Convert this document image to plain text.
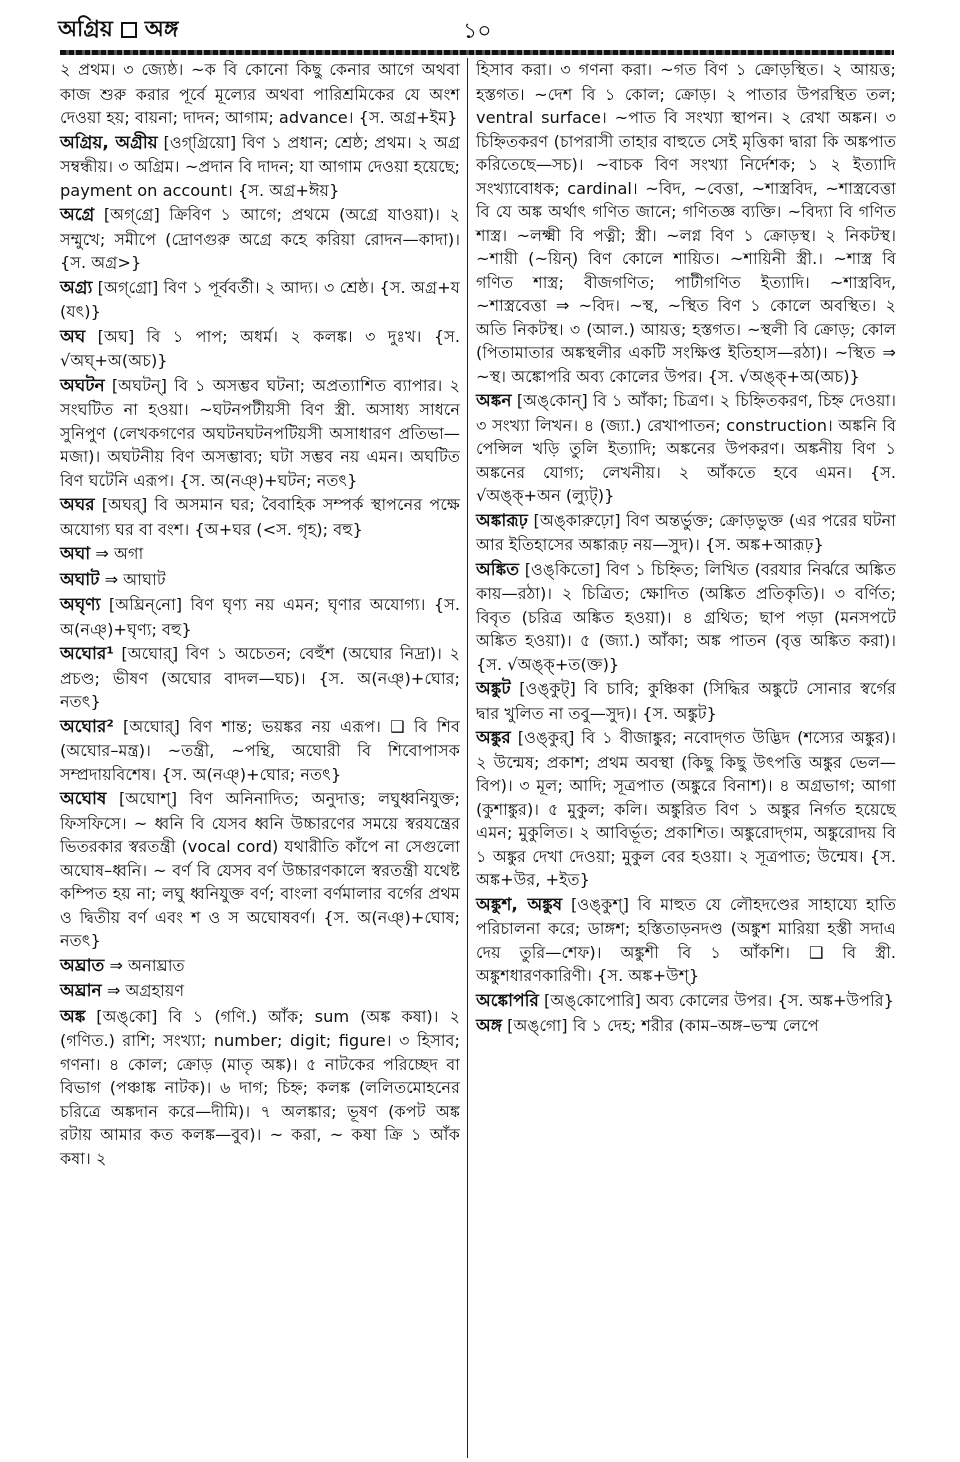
অগ্রিয় অঙ্গ	১০

২ প্রথম। ৩ জ্যেষ্ঠ। ~ক বি কোনো কিছু কেনার আগে অথবা কাজ শুরু করার পূর্বে মূল্যের অথবা পারিশ্রমিকের যে অংশ দেওয়া হয়; বায়না; দাদন; আগাম; advance। {স. অগ্র+ইম}

অগ্রিয়, অগ্রীয় [ওগ্‌গ্রিয়ো] বিণ ১ প্রধান; শ্রেষ্ঠ; প্রথম। ২ অগ্র সম্বন্ধীয়। ৩ অগ্রিম। ~প্রদান বি দাদন; যা আগাম দেওয়া হয়েছে; payment on account। {স. অগ্র+ঈয়}

অগ্রে [অগ্‌গ্রে] ক্রিবিণ ১ আগে; প্রথমে (অগ্রে যাওয়া)। ২ সম্মুখে; সমীপে (দ্রোণগুরু অগ্রে কহে করিয়া রোদন—কাদা)। {স. অগ্র>}

অগ্র্য [অগ্‌গ্রো] বিণ ১ পূর্ববর্তী। ২ আদ্য। ৩ শ্রেষ্ঠ। {স. অগ্র+য (যৎ)}

অঘ [অঘ] বি ১ পাপ; অধর্ম। ২ কলঙ্ক। ৩ দুঃখ। {স. √অঘ্‌+অ(অচ)}

অঘটন [অঘটন্‌] বি ১ অসম্ভব ঘটনা; অপ্রত্যাশিত ব্যাপার। ২ সংঘটিত না হওয়া। ~ঘটনপটীয়সী বিণ স্ত্রী. অসাধ্য সাধনে সুনিপুণ (লেখকগণের অঘটনঘটনপটিয়সী অসাধারণ প্রতিভা—মজা)। অঘটনীয় বিণ অসম্ভাব্য; ঘটা সম্ভব নয় এমন। অঘটিত বিণ ঘটেনি এরূপ। {স. অ(নঞ্‌)+ঘটন; নতৎ}

অঘর [অঘর্‌] বি অসমান ঘর; বৈবাহিক সম্পর্ক স্থাপনের পক্ষে অযোগ্য ঘর বা বংশ। {অ+ঘর (<স. গৃহ); বহু}

অঘা ⇒ অগা

অঘাট ⇒ আঘাট

অঘৃণ্য [অঘ্রিন্‌নো] বিণ ঘৃণ্য নয় এমন; ঘৃণার অযোগ্য। {স. অ(নঞ্‌)+ঘৃণ্য; বহু}

অঘোর¹ [অঘোর্‌] বিণ ১ অচেতন; বেহুঁশ (অঘোর নিদ্রা)। ২ প্রচণ্ড; ভীষণ (অঘোর বাদল—ঘচ)। {স. অ(নঞ্‌)+ঘোর; নতৎ}

অঘোর² [অঘোর্‌] বিণ শান্ত; ভয়ঙ্কর নয় এরূপ। ❑ বি শিব (অঘোর–মন্ত্র)। ~তন্ত্রী, ~পন্থি, অঘোরী বি শিবোপাসক সম্প্রদায়বিশেষ। {স. অ(নঞ্‌)+ঘোর; নতৎ}

অঘোষ [অঘোশ্‌] বিণ অনিনাদিত; অনুদাত্ত; লঘুধ্বনিযুক্ত; ফিসফিসে। ~ ধ্বনি বি যেসব ধ্বনি উচ্চারণের সময়ে স্বরযন্ত্রের ভিতরকার স্বরতন্ত্রী (vocal cord) যথারীতি কাঁপে না সেগুলো অঘোষ–ধ্বনি। ~ বর্ণ বি যেসব বর্ণ উচ্চারণকালে স্বরতন্ত্রী যথেষ্ট কম্পিত হয় না; লঘু ধ্বনিযুক্ত বর্ণ; বাংলা বর্ণমালার বর্গের প্রথম ও দ্বিতীয় বর্ণ এবং শ ও স অঘোষবর্ণ। {স. অ(নঞ্‌)+ঘোষ; নতৎ}

অঘ্রাত ⇒ অনাঘ্রাত

অঘ্রান ⇒ অগ্রহায়ণ

অঙ্ক [অঙ্‌কো] বি ১ (গণি.) আঁক; sum (অঙ্ক কষা)। ২ (গণিত.) রাশি; সংখ্যা; number; digit; figure। ৩ হিসাব; গণনা। ৪ কোল; ক্রোড় (মাতৃ অঙ্ক)। ৫ নাটকের পরিচ্ছেদ বা বিভাগ (পঞ্চাঙ্ক নাটক)। ৬ দাগ; চিহ্ন; কলঙ্ক (ললিতমোহনের চরিত্রে অঙ্কদান করে—দীমি)। ৭ অলঙ্কার; ভূষণ (কপট অঙ্ক রটায় আমার কত কলঙ্ক—বুব)। ~ করা, ~ কষা ক্রি ১ আঁক কষা। ২

হিসাব করা। ৩ গণনা করা। ~গত বিণ ১ ক্রোড়স্থিত। ২ আয়ত্ত; হস্তগত। ~দেশ বি ১ কোল; ক্রোড়। ২ পাতার উপরস্থিত তল; ventral surface। ~পাত বি সংখ্যা স্থাপন। ২ রেখা অঙ্কন। ৩ চিহ্নিতকরণ (চাপরাসী তাহার বাহুতে সেই মৃত্তিকা দ্বারা কি অঙ্কপাত করিতেছে—সচ)। ~বাচক বিণ সংখ্যা নির্দেশক; ১ ২ ইত্যাদি সংখ্যাবোধক; cardinal। ~বিদ, ~বেত্তা, ~শাস্ত্রবিদ, ~শাস্ত্রবেত্তা বি যে অঙ্ক অর্থাৎ গণিত জানে; গণিতজ্ঞ ব্যক্তি। ~বিদ্যা বি গণিত শাস্ত্র। ~লক্ষ্মী বি পত্নী; স্ত্রী। ~লগ্ন বিণ ১ ক্রোড়স্থ। ২ নিকটস্থ। ~শায়ী (~য়িন্‌) বিণ কোলে শায়িত। ~শায়িনী স্ত্রী.। ~শাস্ত্র বি গণিত শাস্ত্র; বীজগণিত; পাটীগণিত ইত্যাদি। ~শাস্ত্রবিদ, ~শাস্ত্রবেত্তা ⇒ ~বিদ। ~স্থ, ~স্থিত বিণ ১ কোলে অবস্থিত। ২ অতি নিকটস্থ। ৩ (আল.) আয়ত্ত; হস্তগত। ~স্থলী বি ক্রোড়; কোল (পিতামাতার অঙ্কস্থলীর একটি সংক্ষিপ্ত ইতিহাস—রঠা)। ~স্থিত ⇒ ~স্থ। অঙ্কোপরি অব্য কোলের উপর। {স. √অঙ্ক্‌+অ(অচ)}

অঙ্কন [অঙ্‌কোন্‌] বি ১ আঁকা; চিত্রণ। ২ চিহ্নিতকরণ, চিহ্ন দেওয়া। ৩ সংখ্যা লিখন। ৪ (জ্যা.) রেখাপাতন; construction। অঙ্কনি বি পেন্সিল খড়ি তুলি ইত্যাদি; অঙ্কনের উপকরণ। অঙ্কনীয় বিণ ১ অঙ্কনের যোগ্য; লেখনীয়। ২ আঁকতে হবে এমন। {স. √অঙ্ক্‌+অন (ল্যুট্‌)}

অঙ্কারূঢ় [অঙ্‌কারুঢ়ো] বিণ অন্তর্ভুক্ত; ক্রোড়ভুক্ত (এর পরের ঘটনা আর ইতিহাসের অঙ্কারূঢ় নয়—সুদ)। {স. অঙ্ক+আরূঢ়}

অঙ্কিত [ওঙ্‌কিতো] বিণ ১ চিহ্নিত; লিখিত (বরযার নির্ঝরে অঙ্কিত কায়—রঠা)। ২ চিত্রিত; ক্ষোদিত (অঙ্কিত প্রতিকৃতি)। ৩ বর্ণিত; বিবৃত (চরিত্র অঙ্কিত হওয়া)। ৪ গ্রথিত; ছাপ পড়া (মনসপটে অঙ্কিত হওয়া)। ৫ (জ্যা.) আঁকা; অঙ্ক পাতন (বৃত্ত অঙ্কিত করা)। {স. √অঙ্ক্‌+ত(ক্ত)}

অঙ্কুট [ওঙ্‌কুট্‌] বি চাবি; কুঞ্চিকা (সিদ্ধির অঙ্কুটে সোনার স্বর্গের দ্বার খুলিত না তবু—সুদ)। {স. অঙ্কুট}

অঙ্কুর [ওঙ্‌কুর্‌] বি ১ বীজাঙ্কুর; নবোদ্‌গত উদ্ভিদ (শস্যের অঙ্কুর)। ২ উন্মেষ; প্রকাশ; প্রথম অবস্থা (কিছু কিছু উৎপত্তি অঙ্কুর ভেল—বিপ)। ৩ মূল; আদি; সূত্রপাত (অঙ্কুরে বিনাশ)। ৪ অগ্রভাগ; আগা (কুশাঙ্কুর)। ৫ মুকুল; কলি। অঙ্কুরিত বিণ ১ অঙ্কুর নির্গত হয়েছে এমন; মুকুলিত। ২ আবির্ভূত; প্রকাশিত। অঙ্কুরোদ্‌গম, অঙ্কুরোদয় বি ১ অঙ্কুর দেখা দেওয়া; মুকুল বের হওয়া। ২ সূত্রপাত; উন্মেষ। {স. অঙ্ক+উর, +ইত}

অঙ্কুশ, অঙ্কুষ [ওঙ্‌কুশ্‌] বি মাহুত যে লৌহদণ্ডের সাহায্যে হাতি পরিচালনা করে; ডাঙ্গশ; হস্তিতাড়নদণ্ড (অঙ্কুশ মারিয়া হস্তী সদাএ দেয় তুরি—শেফ)। অঙ্কুশী বি ১ আঁকশি। ❑ বি স্ত্রী. অঙ্কুশধারণকারিণী। {স. অঙ্ক+উশ্‌}

অঙ্কোপরি [অঙ্‌কোপোরি] অব্য কোলের উপর। {স. অঙ্ক+উপরি}

অঙ্গ [অঙ্‌গো] বি ১ দেহ; শরীর (কাম–অঙ্গ–ভস্ম লেপে
